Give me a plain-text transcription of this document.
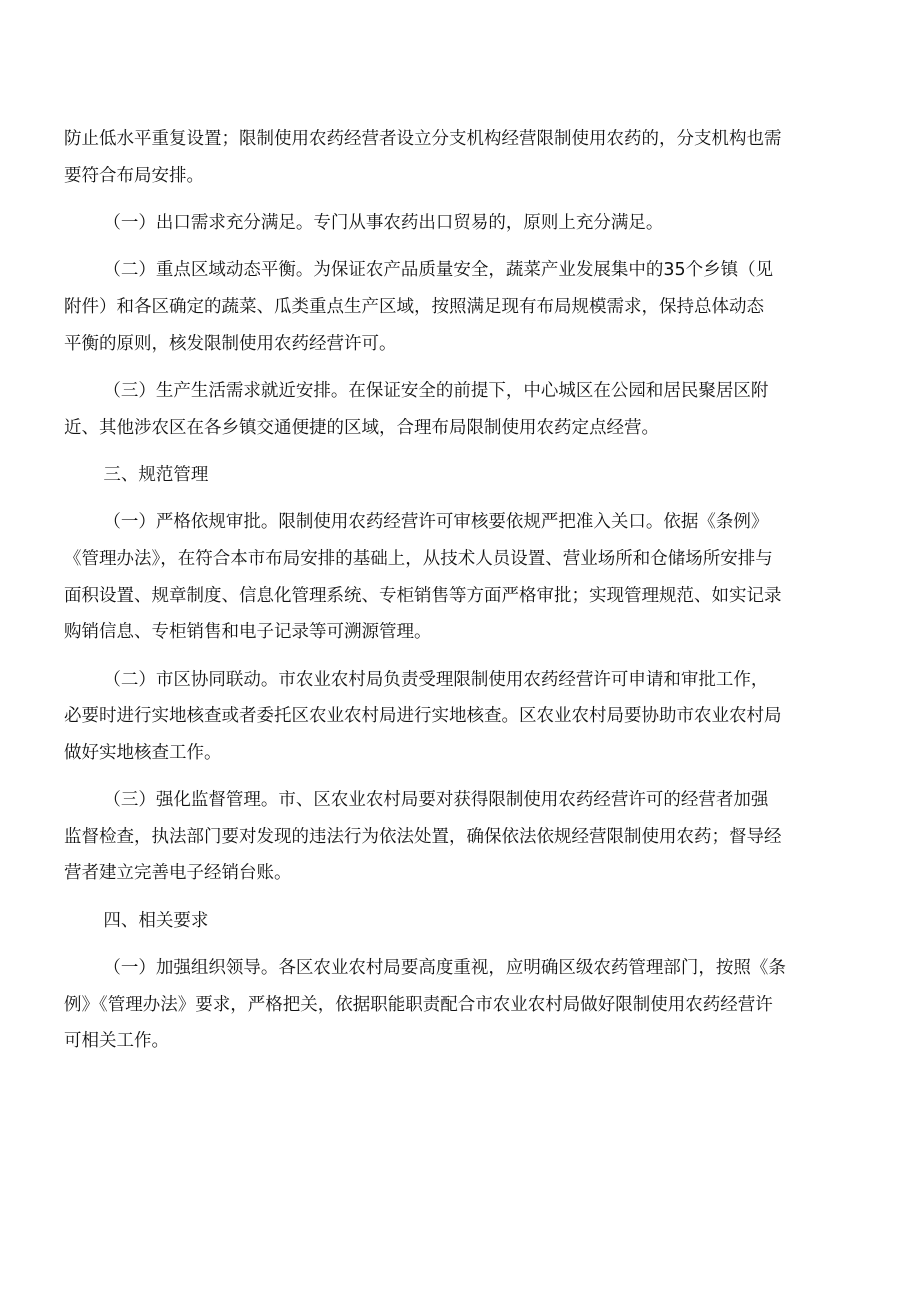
防止低水平重复设置；限制使用农药经营者设立分支机构经营限制使用农药的，分支机构也需
要符合布局安排。
（一）出口需求充分满足。专门从事农药出口贸易的，原则上充分满足。
（二）重点区域动态平衡。为保证农产品质量安全，蔬菜产业发展集中的35个乡镇（见
附件）和各区确定的蔬菜、瓜类重点生产区域，按照满足现有布局规模需求，保持总体动态
平衡的原则，核发限制使用农药经营许可。
（三）生产生活需求就近安排。在保证安全的前提下，中心城区在公园和居民聚居区附
近、其他涉农区在各乡镇交通便捷的区域，合理布局限制使用农药定点经营。
三、规范管理
（一）严格依规审批。限制使用农药经营许可审核要依规严把准入关口。依据《条例》
《管理办法》，在符合本市布局安排的基础上，从技术人员设置、营业场所和仓储场所安排与
面积设置、规章制度、信息化管理系统、专柜销售等方面严格审批；实现管理规范、如实记录
购销信息、专柜销售和电子记录等可溯源管理。
（二）市区协同联动。市农业农村局负责受理限制使用农药经营许可申请和审批工作，
必要时进行实地核查或者委托区农业农村局进行实地核查。区农业农村局要协助市农业农村局
做好实地核查工作。
（三）强化监督管理。市、区农业农村局要对获得限制使用农药经营许可的经营者加强
监督检查，执法部门要对发现的违法行为依法处置，确保依法依规经营限制使用农药；督导经
营者建立完善电子经销台账。
四、相关要求
（一）加强组织领导。各区农业农村局要高度重视，应明确区级农药管理部门，按照《条
例》《管理办法》要求，严格把关，依据职能职责配合市农业农村局做好限制使用农药经营许
可相关工作。
